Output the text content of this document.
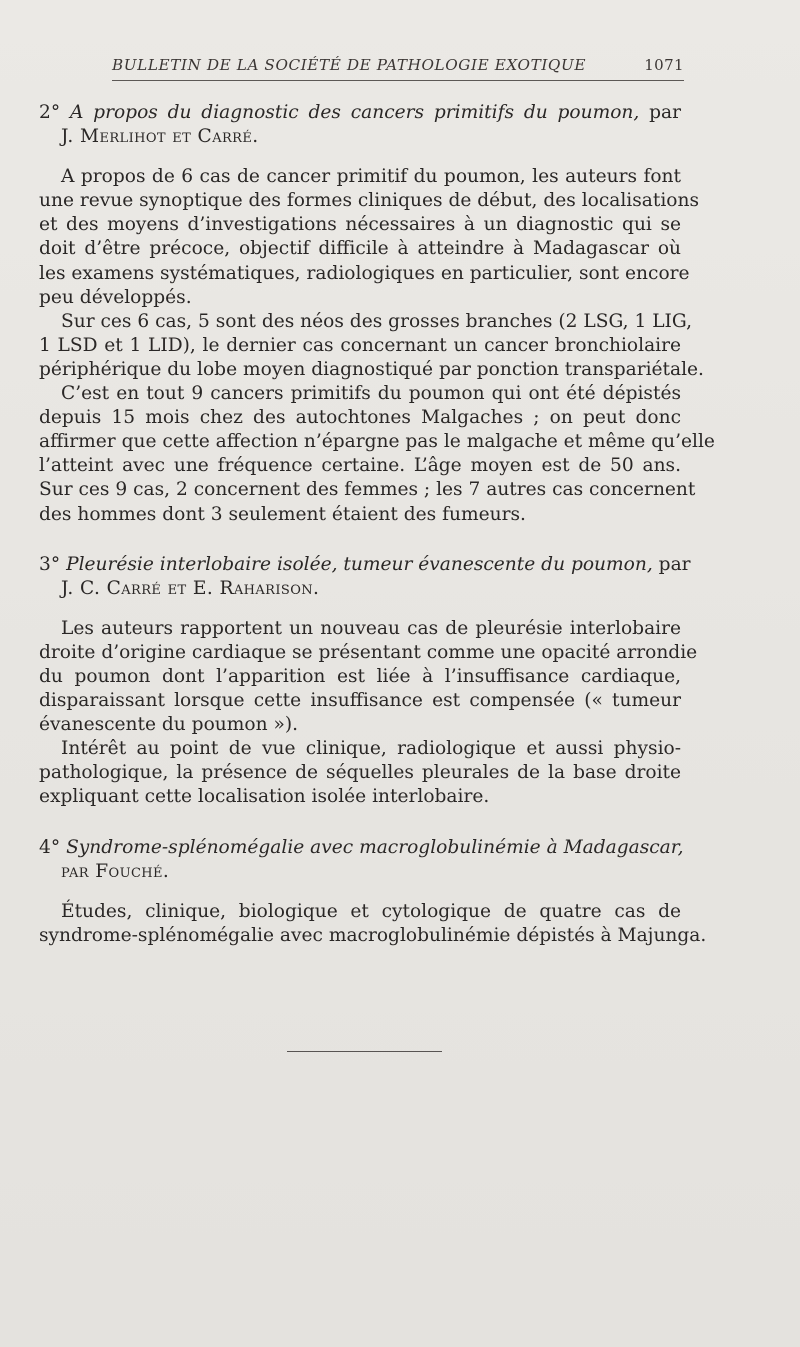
BULLETIN DE LA SOCIÉTÉ DE PATHOLOGIE EXOTIQUE	1071
2° A propos du diagnostic des cancers primitifs du poumon, par
J. Merlihot et Carré.
A propos de 6 cas de cancer primitif du poumon, les auteurs font
une revue synoptique des formes cliniques de début, des localisations
et des moyens d’investigations nécessaires à un diagnostic qui se
doit d’être précoce, objectif difficile à atteindre à Madagascar où
les examens systématiques, radiologiques en particulier, sont encore
peu développés.
Sur ces 6 cas, 5 sont des néos des grosses branches (2 LSG, 1 LIG,
1 LSD et 1 LID), le dernier cas concernant un cancer bronchiolaire
périphérique du lobe moyen diagnostiqué par ponction transpariétale.
C’est en tout 9 cancers primitifs du poumon qui ont été dépistés
depuis 15 mois chez des autochtones Malgaches ; on peut donc
affirmer que cette affection n’épargne pas le malgache et même qu’elle
l’atteint avec une fréquence certaine. L’âge moyen est de 50 ans.
Sur ces 9 cas, 2 concernent des femmes ; les 7 autres cas concernent
des hommes dont 3 seulement étaient des fumeurs.
3° Pleurésie interlobaire isolée, tumeur évanescente du poumon, par
J. C. Carré et E. Raharison.
Les auteurs rapportent un nouveau cas de pleurésie interlobaire
droite d’origine cardiaque se présentant comme une opacité arrondie
du poumon dont l’apparition est liée à l’insuffisance cardiaque,
disparaissant lorsque cette insuffisance est compensée (« tumeur
évanescente du poumon »).
Intérêt au point de vue clinique, radiologique et aussi physio-
pathologique, la présence de séquelles pleurales de la base droite
expliquant cette localisation isolée interlobaire.
4° Syndrome-splénomégalie avec macroglobulinémie à Madagascar,
par Fouché.
Études, clinique, biologique et cytologique de quatre cas de
syndrome-splénomégalie avec macroglobulinémie dépistés à Majunga.
